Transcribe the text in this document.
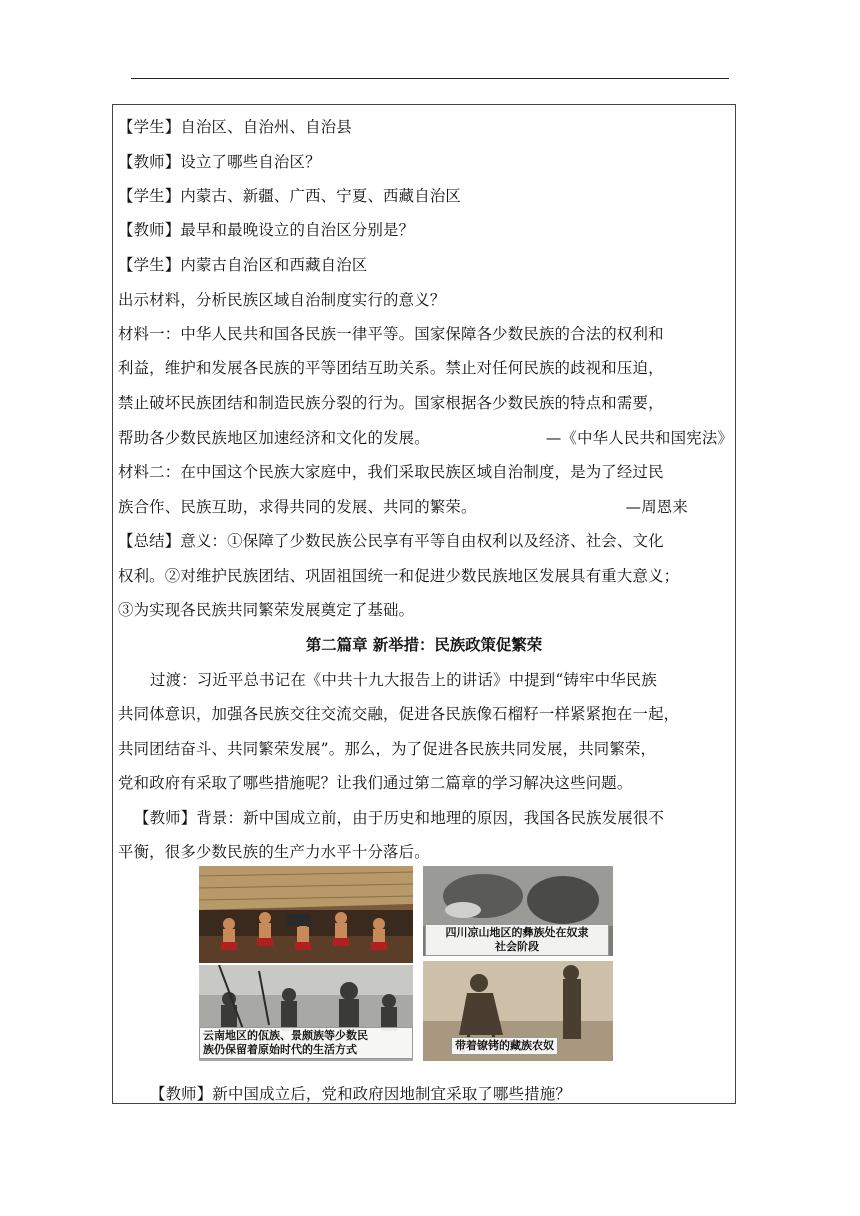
【学生】自治区、自治州、自治县
【教师】设立了哪些自治区？
【学生】内蒙古、新疆、广西、宁夏、西藏自治区
【教师】最早和最晚设立的自治区分别是？
【学生】内蒙古自治区和西藏自治区
出示材料，分析民族区域自治制度实行的意义？
材料一：中华人民共和国各民族一律平等。国家保障各少数民族的合法的权利和
利益，维护和发展各民族的平等团结互助关系。禁止对任何民族的歧视和压迫，
禁止破坏民族团结和制造民族分裂的行为。国家根据各少数民族的特点和需要，
帮助各少数民族地区加速经济和文化的发展。	—《中华人民共和国宪法》
材料二：在中国这个民族大家庭中，我们采取民族区域自治制度，是为了经过民
族合作、民族互助，求得共同的发展、共同的繁荣。	—周恩来
【总结】意义：①保障了少数民族公民享有平等自由权利以及经济、社会、文化
权利。②对维护民族团结、巩固祖国统一和促进少数民族地区发展具有重大意义；
③为实现各民族共同繁荣发展奠定了基础。
第二篇章 新举措：民族政策促繁荣
过渡：习近平总书记在《中共十九大报告上的讲话》中提到“铸牢中华民族
共同体意识，加强各民族交往交流交融，促进各民族像石榴籽一样紧紧抱在一起，
共同团结奋斗、共同繁荣发展”。那么，为了促进各民族共同发展，共同繁荣，
党和政府有采取了哪些措施呢？让我们通过第二篇章的学习解决这些问题。
【教师】背景：新中国成立前，由于历史和地理的原因，我国各民族发展很不
平衡，很多少数民族的生产力水平十分落后。
四川凉山地区的彝族处在奴隶
社会阶段
云南地区的佤族、景颇族等少数民
族仍保留着原始时代的生活方式	带着镣铐的藏族农奴
【教师】新中国成立后，党和政府因地制宜采取了哪些措施？
